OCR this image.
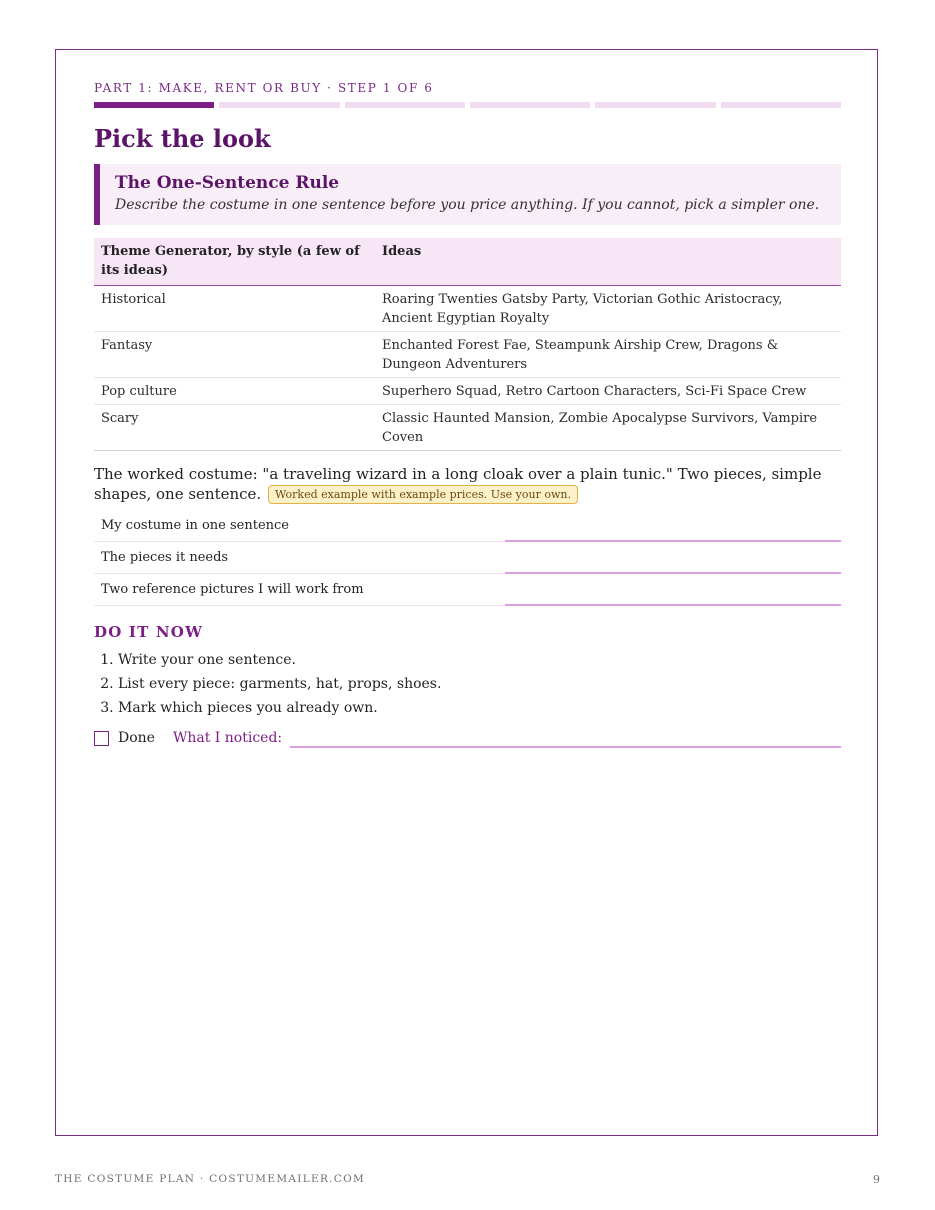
PART 1: MAKE, RENT OR BUY · STEP 1 OF 6

Pick the look
The One-Sentence Rule
Describe the costume in one sentence before you price anything. If you cannot, pick a simpler one.
Theme Generator, by style (a few of its ideas)	Ideas
Historical	Roaring Twenties Gatsby Party, Victorian Gothic Aristocracy, Ancient Egyptian Royalty
Fantasy	Enchanted Forest Fae, Steampunk Airship Crew, Dragons & Dungeon Adventurers
Pop culture	Superhero Squad, Retro Cartoon Characters, Sci-Fi Space Crew
Scary	Classic Haunted Mansion, Zombie Apocalypse Survivors, Vampire Coven
The worked costume: "a traveling wizard in a long cloak over a plain tunic." Two pieces, simple shapes, one sentence. Worked example with example prices. Use your own.
My costume in one sentence
The pieces it needs
Two reference pictures I will work from
DO IT NOW
1. Write your one sentence.
2. List every piece: garments, hat, props, shoes.
3. Mark which pieces you already own.
Done What I noticed:
THE COSTUME PLAN · COSTUMEMAILER.COM	9
